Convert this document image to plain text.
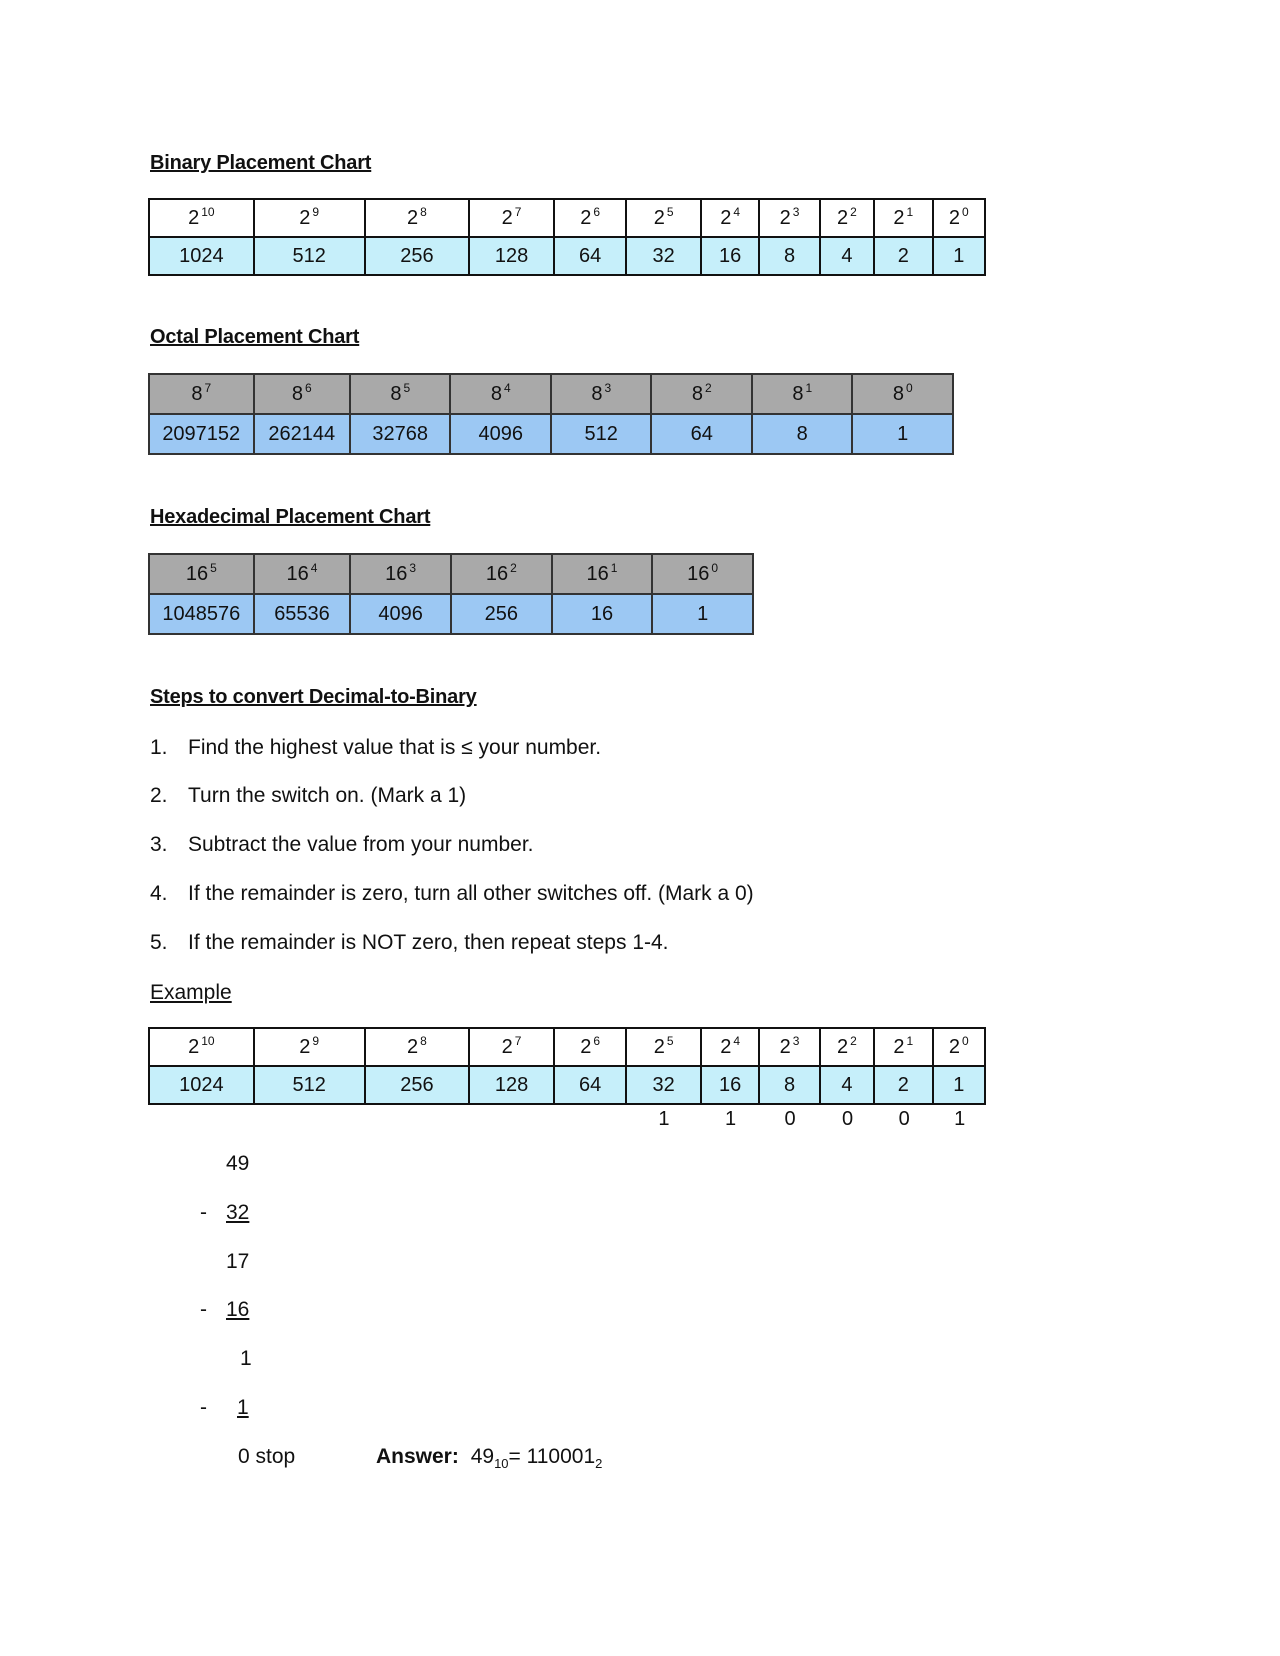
Binary Placement Chart
2 $^{10}$	2 $^9$	2 $^8$	2 $^7$	2 $^6$	2 $^5$	2 $^4$	2 $^3$	2 $^2$	2 $^1$	2 $^0$
1024	512	256	128	64	32	16	8	4	2	1
Octal Placement Chart
8 $^7$	8 $^6$	8 $^5$	8 $^4$	8 $^3$	8 $^2$	8 $^1$	8 $^0$
2097152	262144	32768	4096	512	64	8	1
Hexadecimal Placement Chart
16 $^5$	16 $^4$	16 $^3$	16 $^2$	16 $^1$	16 $^0$
1048576	65536	4096	256	16	1
Steps to convert Decimal-to-Binary
1. Find the highest value that is ≤ your number.
2. Turn the switch on. (Mark a 1)
3. Subtract the value from your number.
4. If the remainder is zero, turn all other switches off. (Mark a 0)
5. If the remainder is NOT zero, then repeat steps 1-4.
Example
2 $^{10}$	2 $^9$	2 $^8$	2 $^7$	2 $^6$	2 $^5$	2 $^4$	2 $^3$	2 $^2$	2 $^1$	2 $^0$
1024	512	256	128	64	32	16	8	4	2	1
					1	1	0	0	0	1
49
- 32
17
- 16
1
- 1
0 stop	Answer: $49_{10}= 110001_2$
